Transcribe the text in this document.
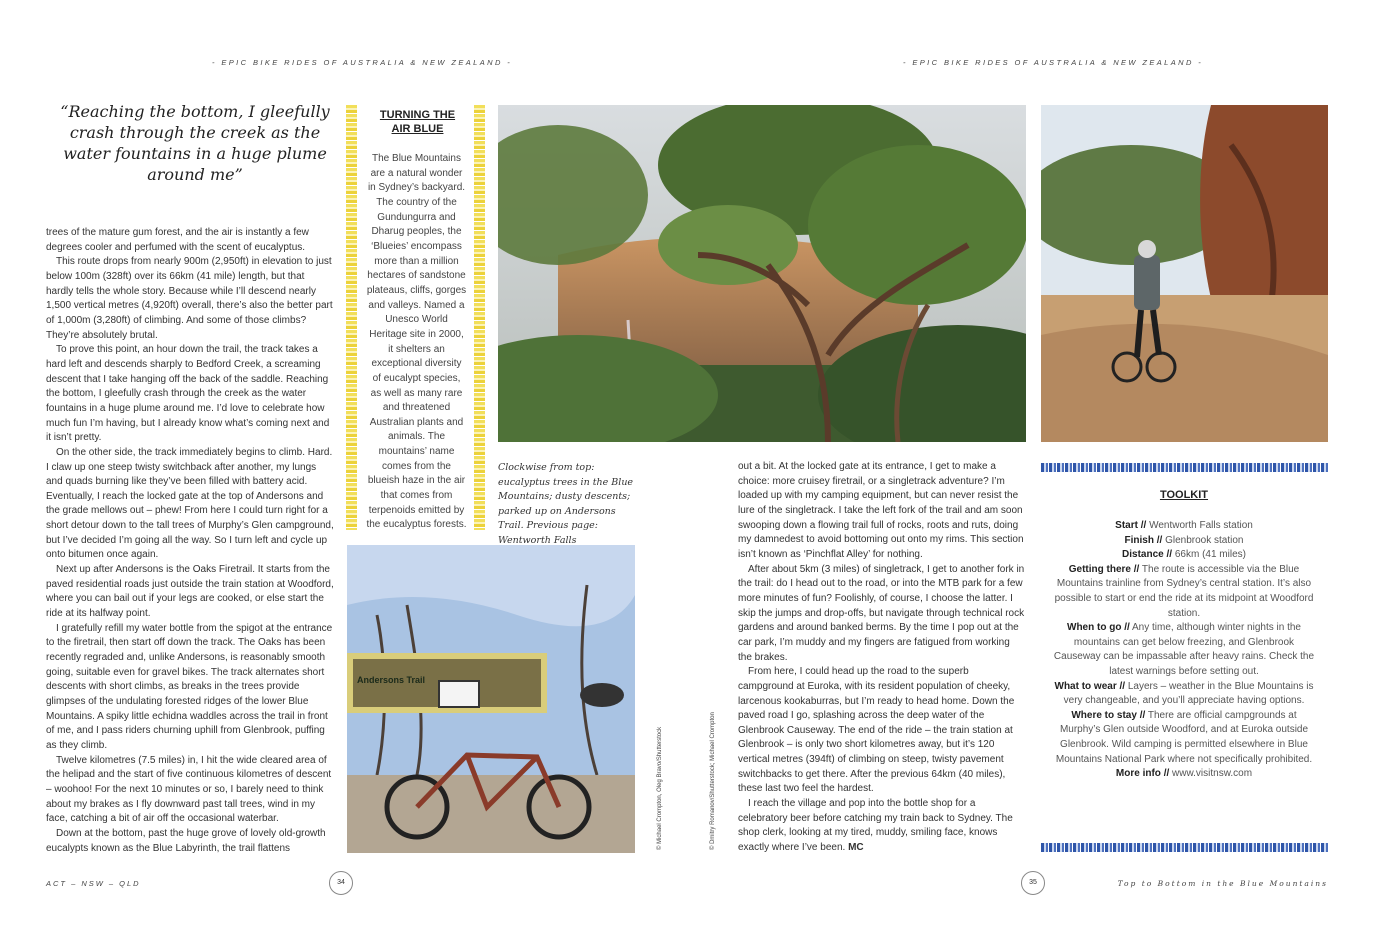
- EPIC BIKE RIDES OF AUSTRALIA & NEW ZEALAND -	- EPIC BIKE RIDES OF AUSTRALIA & NEW ZEALAND -
“Reaching the bottom, I gleefully crash through the creek as the water fountains in a huge plume around me”

trees of the mature gum forest, and the air is instantly a few degrees cooler and perfumed with the scent of eucalyptus.

This route drops from nearly 900m (2,950ft) in elevation to just below 100m (328ft) over its 66km (41 mile) length, but that hardly tells the whole story. Because while I’ll descend nearly 1,500 vertical metres (4,920ft) overall, there’s also the better part of 1,000m (3,280ft) of climbing. And some of those climbs? They’re absolutely brutal.

To prove this point, an hour down the trail, the track takes a hard left and descends sharply to Bedford Creek, a screaming descent that I take hanging off the back of the saddle. Reaching the bottom, I gleefully crash through the creek as the water fountains in a huge plume around me. I’d love to celebrate how much fun I’m having, but I already know what’s coming next and it isn’t pretty.

On the other side, the track immediately begins to climb. Hard. I claw up one steep twisty switchback after another, my lungs and quads burning like they’ve been filled with battery acid. Eventually, I reach the locked gate at the top of Andersons and the grade mellows out – phew! From here I could turn right for a short detour down to the tall trees of Murphy’s Glen campground, but I’ve decided I’m going all the way. So I turn left and cycle up onto bitumen once again.

Next up after Andersons is the Oaks Firetrail. It starts from the paved residential roads just outside the train station at Woodford, where you can bail out if your legs are cooked, or else start the ride at its halfway point.

I gratefully refill my water bottle from the spigot at the entrance to the firetrail, then start off down the track. The Oaks has been recently regraded and, unlike Andersons, is reasonably smooth going, suitable even for gravel bikes. The track alternates short descents with short climbs, as breaks in the trees provide glimpses of the undulating forested ridges of the lower Blue Mountains. A spiky little echidna waddles across the trail in front of me, and I pass riders churning uphill from Glenbrook, puffing as they climb.

Twelve kilometres (7.5 miles) in, I hit the wide cleared area of the helipad and the start of five continuous kilometres of descent – woohoo! For the next 10 minutes or so, I barely need to think about my brakes as I fly downward past tall trees, wind in my face, catching a bit of air off the occasional waterbar.

Down at the bottom, past the huge grove of lovely old-growth eucalypts known as the Blue Labyrinth, the trail flattens

TURNING THE AIR BLUE
The Blue Mountains are a natural wonder in Sydney’s backyard. The country of the Gundungurra and Dharug peoples, the ‘Blueies’ encompass more than a million hectares of sandstone plateaus, cliffs, gorges and valleys. Named a Unesco World Heritage site in 2000, it shelters an exceptional diversity of eucalypt species, as well as many rare and threatened Australian plants and animals. The mountains’ name comes from the blueish haze in the air that comes from terpenoids emitted by the eucalyptus forests.
Clockwise from top: eucalyptus trees in the Blue Mountains; dusty descents; parked up on Andersons Trail. Previous page: Wentworth Falls
Andersons Trail
© Michael Crompton, Oleg Bravo/Shutterstock	© Dmitry Romanov/Shutterstock; Michael Crompton

out a bit. At the locked gate at its entrance, I get to make a choice: more cruisey firetrail, or a singletrack adventure? I’m loaded up with my camping equipment, but can never resist the lure of the singletrack. I take the left fork of the trail and am soon swooping down a flowing trail full of rocks, roots and ruts, doing my damnedest to avoid bottoming out onto my rims. This section isn’t known as ‘Pinchflat Alley’ for nothing.

After about 5km (3 miles) of singletrack, I get to another fork in the trail: do I head out to the road, or into the MTB park for a few more minutes of fun? Foolishly, of course, I choose the latter. I skip the jumps and drop-offs, but navigate through technical rock gardens and around banked berms. By the time I pop out at the car park, I’m muddy and my fingers are fatigued from working the brakes.

From here, I could head up the road to the superb campground at Euroka, with its resident population of cheeky, larcenous kookaburras, but I’m ready to head home. Down the paved road I go, splashing across the deep water of the Glenbrook Causeway. The end of the ride – the train station at Glenbrook – is only two short kilometres away, but it’s 120 vertical metres (394ft) of climbing on steep, twisty pavement switchbacks to get there. After the previous 64km (40 miles), these last two feel the hardest.

I reach the village and pop into the bottle shop for a celebratory beer before catching my train back to Sydney. The shop clerk, looking at my tired, muddy, smiling face, knows exactly where I’ve been. MC

TOOLKIT
Start // Wentworth Falls station
Finish // Glenbrook station
Distance // 66km (41 miles)
Getting there // The route is accessible via the Blue Mountains trainline from Sydney’s central station. It’s also possible to start or end the ride at its midpoint at Woodford station.
When to go // Any time, although winter nights in the mountains can get below freezing, and Glenbrook Causeway can be impassable after heavy rains. Check the latest warnings before setting out.
What to wear // Layers – weather in the Blue Mountains is very changeable, and you’ll appreciate having options.
Where to stay // There are official campgrounds at Murphy’s Glen outside Woodford, and at Euroka outside Glenbrook. Wild camping is permitted elsewhere in Blue Mountains National Park where not specifically prohibited.
More info // www.visitnsw.com
ACT – NSW – QLD	34	35	Top to Bottom in the Blue Mountains
